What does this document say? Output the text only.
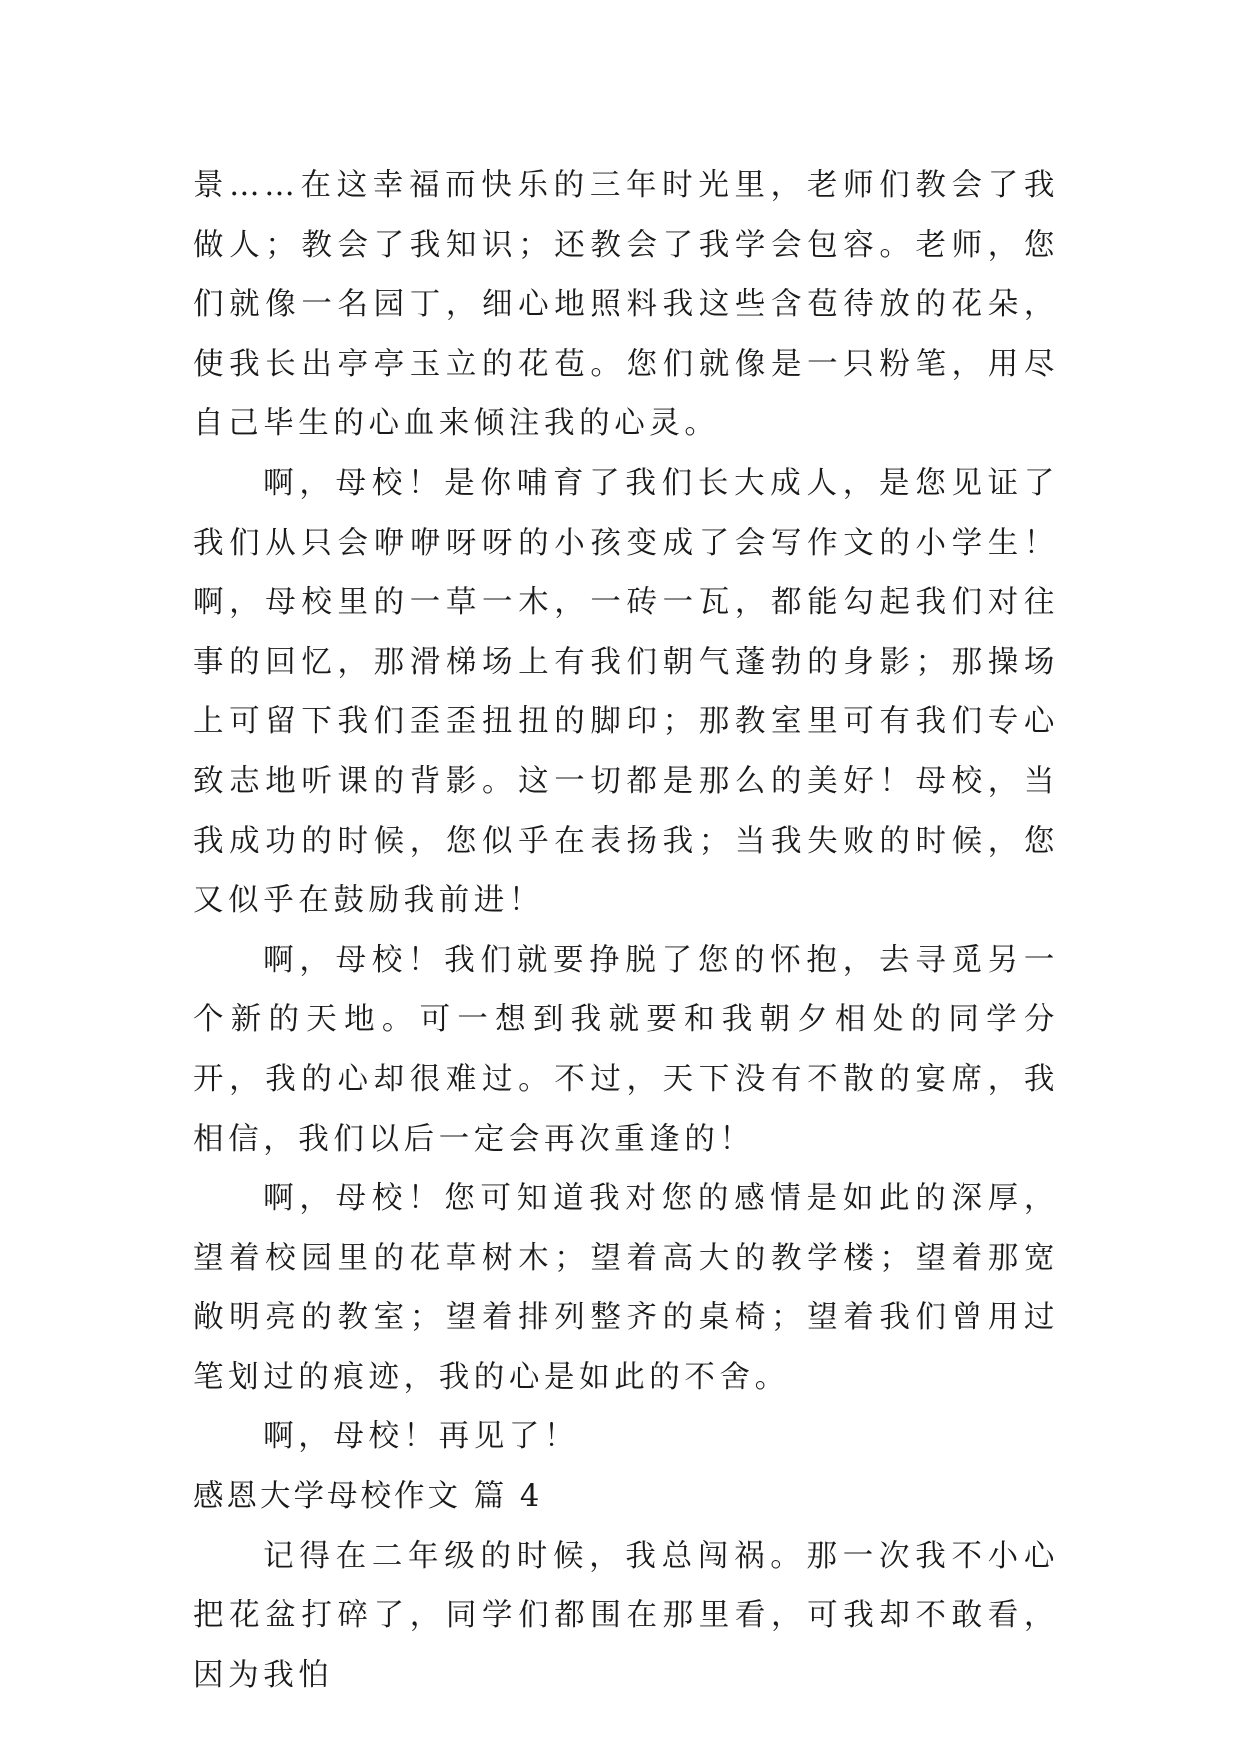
景……在这幸福而快乐的三年时光里，老师们教会了我做人；教会了我知识；还教会了我学会包容。老师，您们就像一名园丁，细心地照料我这些含苞待放的花朵，使我长出亭亭玉立的花苞。您们就像是一只粉笔，用尽自己毕生的心血来倾注我的心灵。

啊，母校！是你哺育了我们长大成人，是您见证了我们从只会咿咿呀呀的小孩变成了会写作文的小学生！啊，母校里的一草一木，一砖一瓦，都能勾起我们对往事的回忆，那滑梯场上有我们朝气蓬勃的身影；那操场上可留下我们歪歪扭扭的脚印；那教室里可有我们专心致志地听课的背影。这一切都是那么的美好！母校，当我成功的时候，您似乎在表扬我；当我失败的时候，您又似乎在鼓励我前进！

啊，母校！我们就要挣脱了您的怀抱，去寻觅另一个新的天地。可一想到我就要和我朝夕相处的同学分开，我的心却很难过。不过，天下没有不散的宴席，我相信，我们以后一定会再次重逢的！

啊，母校！您可知道我对您的感情是如此的深厚，望着校园里的花草树木；望着高大的教学楼；望着那宽敞明亮的教室；望着排列整齐的桌椅；望着我们曾用过笔划过的痕迹，我的心是如此的不舍。

啊，母校！再见了！

感恩大学母校作文 篇 4

记得在二年级的时候，我总闯祸。那一次我不小心把花盆打碎了，同学们都围在那里看，可我却不敢看，因为我怕
